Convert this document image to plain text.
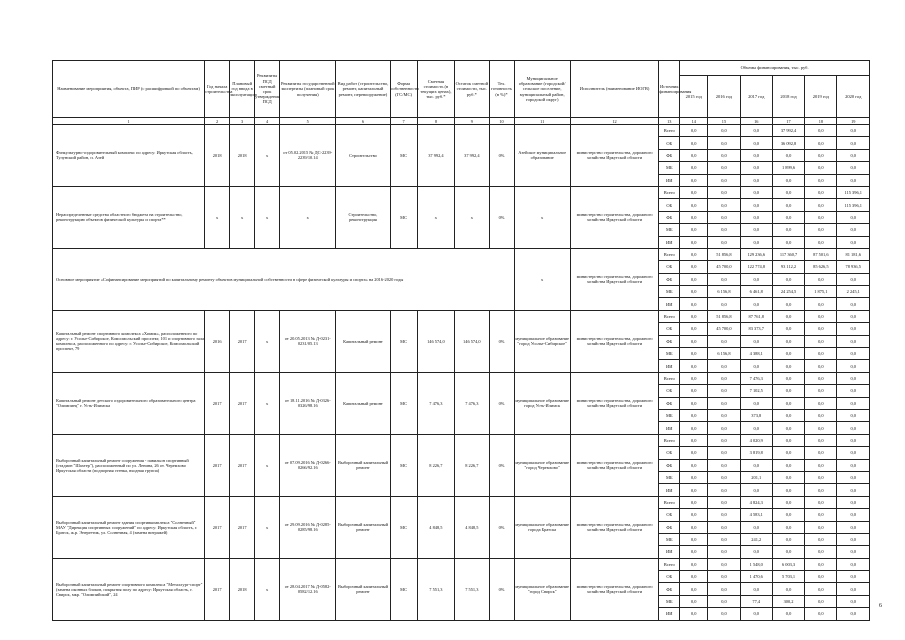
Наименование мероприятия, объекта, ПИР (с расшифровкой по объектам)	Год начала строительства	Плановый год ввода в эксплуатацию	Реквизиты ПСД сметный срок утверждения ПСД	Реквизиты государственной экспертизы (плановый срок получения)	Вид работ (строительство, ремонт, капитальный ремонт, перевооружение)	Форма собственности (ГС/МС)	Сметная стоимость (в текущих ценах), тыс. руб.*	Остаток сметной стоимости, тыс. руб.*	Тех. готовность (в %)*	Муниципальное образование (городской/сельское поселение, муниципальный район, городской округ)	Исполнитель (наименование ИОГВ)	Источник финансирования	Объемы финансирования, тыс. руб.					
													2015 год	2016 год	2017 год	2018 год	2019 год	2020 год
1	2	3	4	5	6	7	8	9	10	11	12	13	14	15	16	17	18	19
Физкультурно-оздоровительный комплекс по адресу: Иркутская область, Тулунский район, п. Азей	2018	2018	х	от 05.02.2015 № ДС-2239-2239/10.14	Строительство	МС	37 992,4	37 992,4	0%	Азейское муниципальное образование	министерство строительства, дорожного хозяйства Иркутской области	Всего	0,0	0,0	0,0	37 992,4	0,0	0,0
												ОБ	0,0	0,0	0,0	36 092,8	0,0	0,0
												ФБ	0,0	0,0	0,0	0,0	0,0	0,0
												МБ	0,0	0,0	0,0	1 899,6	0,0	0,0
												ИИ	0,0	0,0	0,0	0,0	0,0	0,0
Нераспределенные средства областного бюджета на строительство, реконструкцию объектов физической культуры и спорта**	х	х	х	х	Строительство, реконструкция	МС	х	х	0%	х	министерство строительства, дорожного хозяйства Иркутской области	Всего	0,0	0,0	0,0	0,0	0,0	115 396,1
												ОБ	0,0	0,0	0,0	0,0	0,0	115 396,1
												ФБ	0,0	0,0	0,0	0,0	0,0	0,0
												МБ	0,0	0,0	0,0	0,0	0,0	0,0
												ИИ	0,0	0,0	0,0	0,0	0,0	0,0
Основное мероприятие «Софинансирование мероприятий по капитальному ремонту объектов муниципальной собственности в сфере физической культуры и спорта» на 2016-2020 годы										х	министерство строительства, дорожного хозяйства Иркутской области	Всего	0,0	51 856,8	129 236,6	117 360,7	87 501,6	81 181,6
												ОБ	0,0	45 700,0	122 774,8	93 112,2	85 626,5	78 936,5
												ФБ	0,0	0,0	0,0	0,0	0,0	0,0
												МБ	0,0	6 156,8	6 461,8	24 254,5	1 875,1	2 245,1
												ИИ	0,0	0,0	0,0	0,0	0,0	0,0
Капитальный ремонт спортивного комплекса «Химик», расположенного по адресу: г. Усолье-Сибирское, Комсомольский проспект, 101 и спортивного зала комплекса, расположенного по адресу: г. Усолье-Сибирское, Комсомольский проспект, 79	2016	2017	х	от 20.05.2013 № Д-0231-0231/05.13	Капитальный ремонт	МС	146 574,0	146 574,0	0%	муниципальное образование "город Усолье-Сибирское"	министерство строительства, дорожного хозяйства Иркутской области	Всего	0,0	51 856,8	87 761,8	0,0	0,0	0,0
												ОБ	0,0	45 700,0	83 373,7	0,0	0,0	0,0
												ФБ	0,0	0,0	0,0	0,0	0,0	0,0
												МБ	0,0	6 156,8	4 388,1	0,0	0,0	0,0
												ИИ	0,0	0,0	0,0	0,0	0,0	0,0
Капитальный ремонт детского оздоровительного образовательного центра "Олимпиец" г. Усть-Илимска	2017	2017	х	от 18.11.2016 № Д-0326-0326/98.16	Капитальный ремонт	МС	7 476,3	7 476,3	0%	муниципальное образование город Усть-Илимск	министерство строительства, дорожного хозяйства Иркутской области	Всего	0,0	0,0	7 476,3	0,0	0,0	0,0
												ОБ	0,0	0,0	7 102,5	0,0	0,0	0,0
												ФБ	0,0	0,0	0,0	0,0	0,0	0,0
												МБ	0,0	0,0	373,8	0,0	0,0	0,0
												ИИ	0,0	0,0	0,0	0,0	0,0	0,0
Выборочный капитальный ремонт сооружения - павильон спортивный (стадион "Шахтер"), расположенный по ул. Ленина, 26 от. Черемхово Иркутская области (подпорная стенка, входная группа)	2017	2017	х	от 07.09.2016 № Д-0266-0266/92.16	Выборочный капитальный ремонт	МС	8 226,7	8 226,7	0%	муниципальное образование "город Черемхово"	министерство строительства, дорожного хозяйства Иркутской области	Всего	0,0	0,0	4 020,9	0,0	0,0	0,0
												ОБ	0,0	0,0	3 819,8	0,0	0,0	0,0
												ФБ	0,0	0,0	0,0	0,0	0,0	0,0
												МБ	0,0	0,0	201,1	0,0	0,0	0,0
												ИИ	0,0	0,0	0,0	0,0	0,0	0,0
Выборочный капитальный ремонт здания спортивкомплекса "Солнечный" МАУ "Дирекция спортивных сооружений" по адресу: Иркутская область, г. Братск, ж.р. Энергетик, ул. Солнечная, 4 (замена витражей)	2017	2017	х	от 29.09.2016 № Д-0285-0285/98.16	Выборочный капитальный ремонт	МС	4 848,5	4 848,5	0%	муниципальное образование города Братска	министерство строительства, дорожного хозяйства Иркутской области	Всего	0,0	0,0	4 824,3	0,0	0,0	0,0
												ОБ	0,0	0,0	4 583,1	0,0	0,0	0,0
												ФБ	0,0	0,0	0,0	0,0	0,0	0,0
												МБ	0,0	0,0	241,2	0,0	0,0	0,0
												ИИ	0,0	0,0	0,0	0,0	0,0	0,0
Выборочный капитальный ремонт спортивного комплекса "Металлург-спорт" (замена оконных блоков, покрытия полу по адресу: Иркутская область, г. Свирск, мкр. "Олимпийский", 24	2017	2018	х	от 28.04.2017 № Д-0582-0582/12.16	Выборочный капитальный ремонт	МС	7 551,3	7 551,3	0%	муниципальное образование "город Свирск"	министерство строительства, дорожного хозяйства Иркутской области	Всего	0,0	0,0	1 548,0	6 003,3	0,0	0,0
												ОБ	0,0	0,0	1 470,6	5 703,1	0,0	0,0
												ФБ	0,0	0,0	0,0	0,0	0,0	0,0
												МБ	0,0	0,0	77,4	300,2	0,0	0,0
												ИИ	0,0	0,0	0,0	0,0	0,0	0,0
6
